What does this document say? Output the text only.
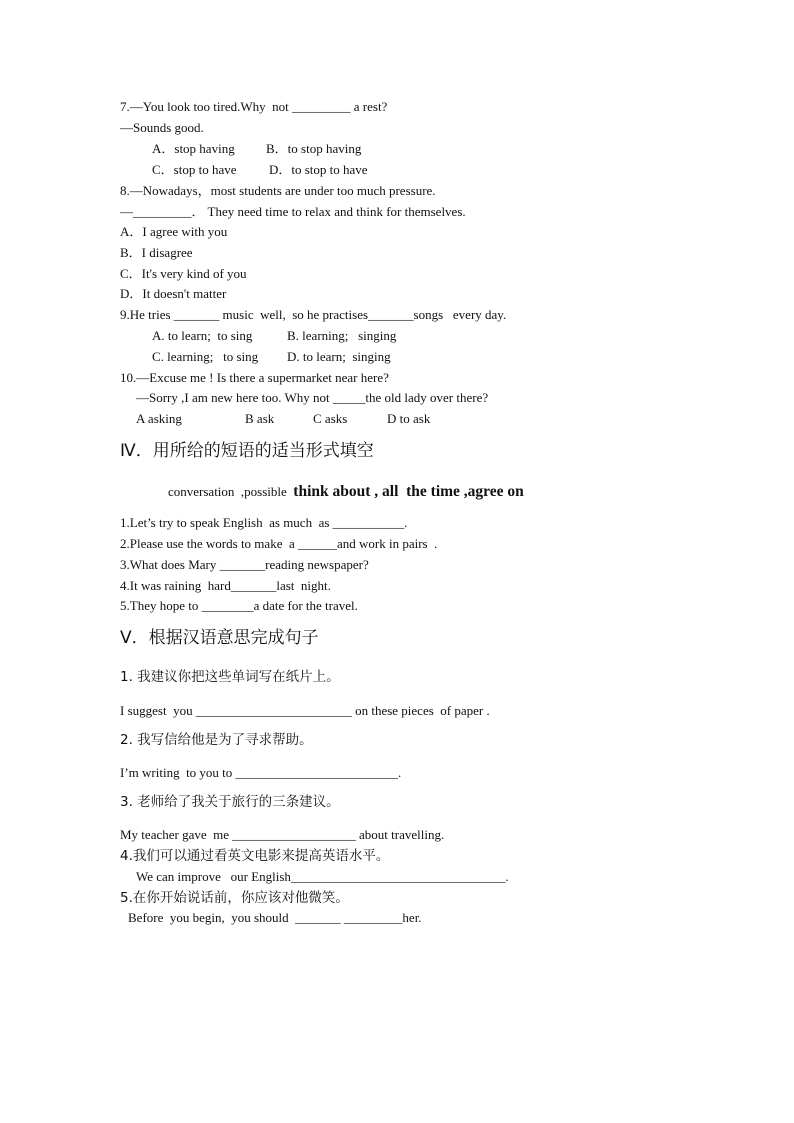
7.—You look too tired.Why  not _________ a rest?
—Sounds good.
A．stop having B．to stop having
C．stop to have	D．to stop to have
8.—Nowadays，most students are under too much pressure.
—_________． They need time to relax and think for themselves.
A．I agree with you
B．I disagree
C．It's very kind of you
D．It doesn't matter
9.He tries _______ music  well,  so he practises_______songs   every day.
A. to learn;  to sing	B. learning;   singing
C. learning;   to sing D. to learn;  singing
10.—Excuse me ! Is there a supermarket near here?
—Sorry ,I am new here too. Why not _____the old lady over there?
A asking	B ask	C asks	D to ask
Ⅳ．用所给的短语的适当形式填空
conversation  ,possible think about , all  the time ,agree on
1.Let’s try to speak English  as much  as ___________.
2.Please use the words to make  a ______and work in pairs  .
3.What does Mary _______reading newspaper?
4.It was raining  hard_______last  night.
5.They hope to ________a date for the travel.
Ⅴ．根据汉语意思完成句子
1. 我建议你把这些单词写在纸片上。
I suggest  you ________________________ on these pieces  of paper .
2. 我写信给他是为了寻求帮助。
I’m writing  to you to _________________________.
3. 老师给了我关于旅行的三条建议。
My teacher gave  me ___________________ about travelling.
4.我们可以通过看英文电影来提高英语水平。
We can improve   our English_________________________________.
5.在你开始说话前，你应该对他微笑。
Before  you begin,  you should  _______ _________her.
